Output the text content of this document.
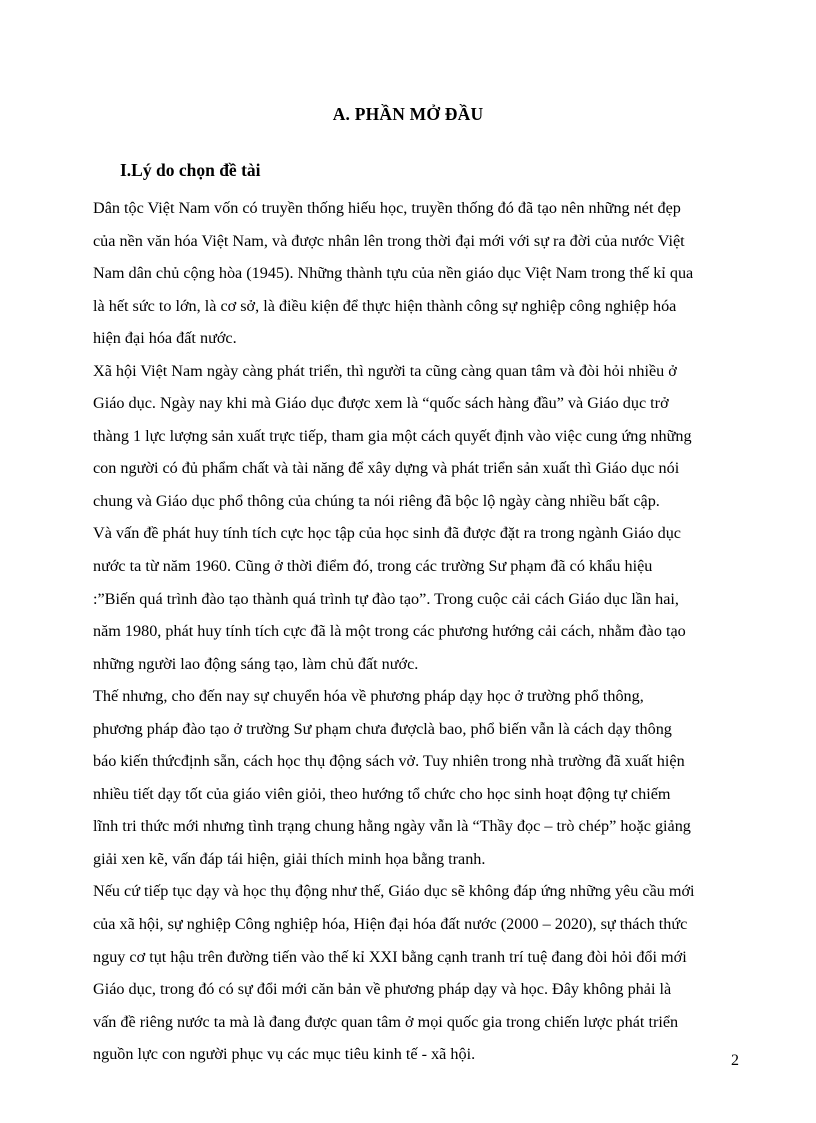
A. PHẦN MỞ ĐẦU
I.Lý do chọn đề tài
Dân tộc Việt Nam vốn có truyền thống hiếu học, truyền thống đó đã tạo nên những nét đẹp
của nền văn hóa Việt Nam, và được nhân lên trong thời đại mới với sự ra đời của nước Việt
Nam dân chủ cộng hòa (1945). Những thành tựu của nền giáo dục Việt Nam trong thế kỉ qua
là hết sức to lớn, là cơ sở, là điều kiện để thực hiện thành công sự nghiệp công nghiệp hóa
hiện đại hóa đất nước.
Xã hội Việt Nam ngày càng phát triển, thì người ta cũng càng quan tâm và đòi hỏi nhiều ở
Giáo dục. Ngày nay khi mà Giáo dục được xem là “quốc sách hàng đầu” và Giáo dục trở
thàng 1 lực lượng sản xuất trực tiếp, tham gia một cách quyết định vào việc cung ứng những
con người có đủ phẩm chất và tài năng để xây dựng và phát triển sản xuất thì Giáo dục nói
chung và Giáo dục phổ thông của chúng ta nói riêng đã bộc lộ ngày càng nhiều bất cập.
Và vấn đề phát huy tính tích cực học tập của học sinh đã được đặt ra trong ngành Giáo dục
nước ta từ năm 1960. Cũng ở thời điểm đó, trong các trường Sư phạm đã có khẩu hiệu
:”Biến quá trình đào tạo thành quá trình tự đào tạo”. Trong cuộc cải cách Giáo dục lần hai,
năm 1980, phát huy tính tích cực đã là một trong các phương hướng cải cách, nhằm đào tạo
những người lao động sáng tạo, làm chủ đất nước.
Thế nhưng, cho đến nay sự chuyển hóa về phương pháp dạy học ở trường phổ thông,
phương pháp đào tạo ở trường Sư phạm chưa đượclà bao, phổ biến vẫn là cách dạy thông
báo kiến thứcđịnh sẵn, cách học thụ động sách vở. Tuy nhiên trong nhà trường đã xuất hiện
nhiều tiết dạy tốt của giáo viên giỏi, theo hướng tổ chức cho học sinh hoạt động tự chiếm
lĩnh tri thức mới nhưng tình trạng chung hằng ngày vẫn là “Thầy đọc – trò chép” hoặc giảng
giải xen kẽ, vấn đáp tái hiện, giải thích minh họa bằng tranh.
Nếu cứ tiếp tục dạy và học thụ động như thế, Giáo dục sẽ không đáp ứng những yêu cầu mới
của xã hội, sự nghiệp Công nghiệp hóa, Hiện đại hóa đất nước (2000 – 2020), sự thách thức
nguy cơ tụt hậu trên đường tiến vào thế kỉ XXI bằng cạnh tranh trí tuệ đang đòi hỏi đổi mới
Giáo dục, trong đó có sự đổi mới căn bản về phương pháp dạy và học. Đây không phải là
vấn đề riêng nước ta mà là đang được quan tâm ở mọi quốc gia trong chiến lược phát triển
nguồn lực con người phục vụ các mục tiêu kinh tế - xã hội.	2
